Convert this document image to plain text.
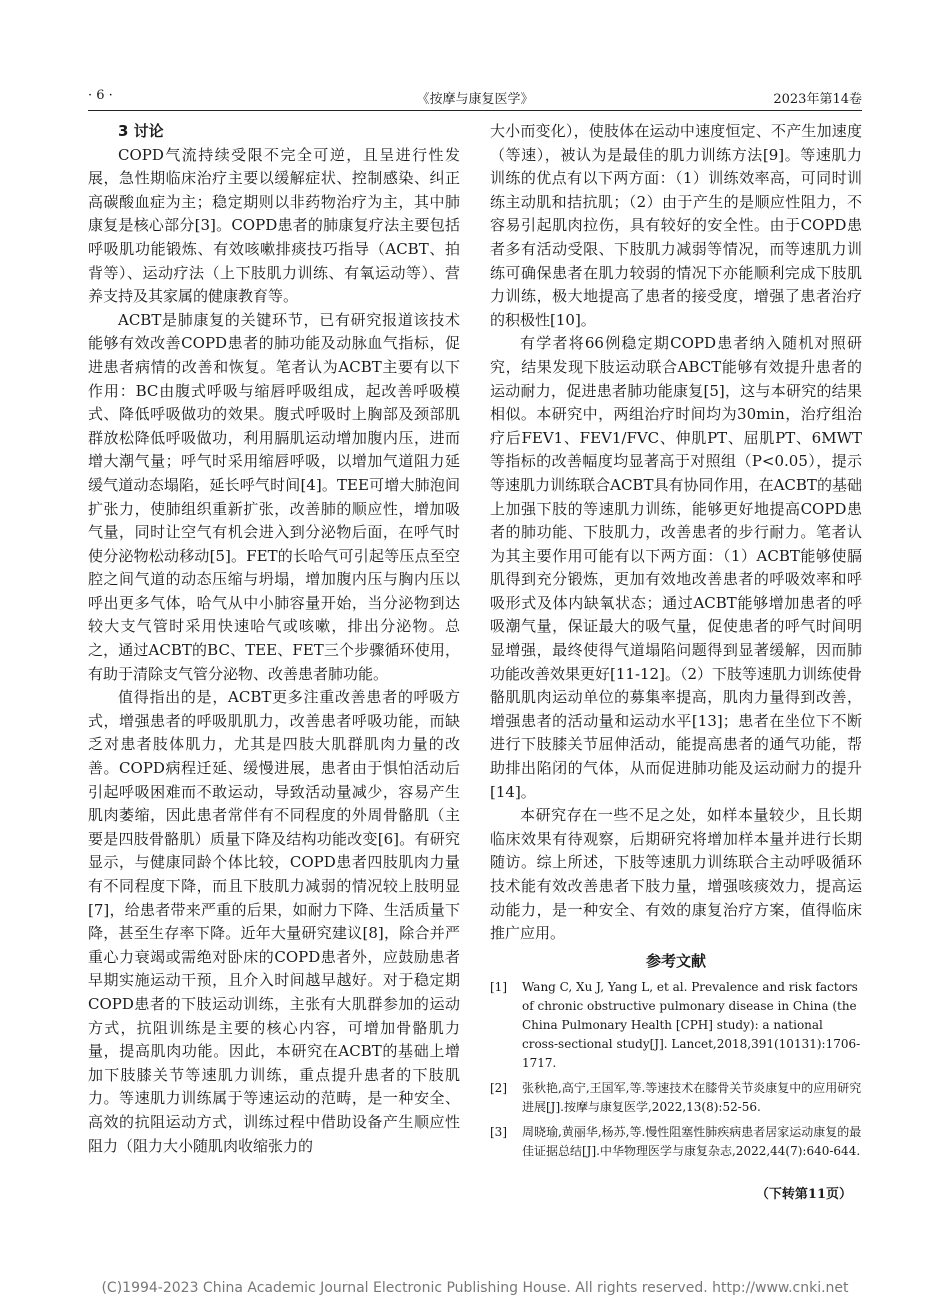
· 6 ·	《按摩与康复医学》	2023年第14卷

3 讨论

COPD气流持续受限不完全可逆，且呈进行性发展，急性期临床治疗主要以缓解症状、控制感染、纠正高碳酸血症为主；稳定期则以非药物治疗为主，其中肺康复是核心部分[3]。COPD患者的肺康复疗法主要包括呼吸肌功能锻炼、有效咳嗽排痰技巧指导（ACBT、拍背等）、运动疗法（上下肢肌力训练、有氧运动等）、营养支持及其家属的健康教育等。

ACBT是肺康复的关键环节，已有研究报道该技术能够有效改善COPD患者的肺功能及动脉血气指标，促进患者病情的改善和恢复。笔者认为ACBT主要有以下作用：BC由腹式呼吸与缩唇呼吸组成，起改善呼吸模式、降低呼吸做功的效果。腹式呼吸时上胸部及颈部肌群放松降低呼吸做功，利用膈肌运动增加腹内压，进而增大潮气量；呼气时采用缩唇呼吸，以增加气道阻力延缓气道动态塌陷，延长呼气时间[4]。TEE可增大肺泡间扩张力，使肺组织重新扩张，改善肺的顺应性，增加吸气量，同时让空气有机会进入到分泌物后面，在呼气时使分泌物松动移动[5]。FET的长哈气可引起等压点至空腔之间气道的动态压缩与坍塌，增加腹内压与胸内压以呼出更多气体，哈气从中小肺容量开始，当分泌物到达较大支气管时采用快速哈气或咳嗽，排出分泌物。总之，通过ACBT的BC、TEE、FET三个步骤循环使用，有助于清除支气管分泌物、改善患者肺功能。

值得指出的是，ACBT更多注重改善患者的呼吸方式，增强患者的呼吸肌肌力，改善患者呼吸功能，而缺乏对患者肢体肌力，尤其是四肢大肌群肌肉力量的改善。COPD病程迁延、缓慢进展，患者由于惧怕活动后引起呼吸困难而不敢运动，导致活动量减少，容易产生肌肉萎缩，因此患者常伴有不同程度的外周骨骼肌（主要是四肢骨骼肌）质量下降及结构功能改变[6]。有研究显示，与健康同龄个体比较，COPD患者四肢肌肉力量有不同程度下降，而且下肢肌力减弱的情况较上肢明显[7]，给患者带来严重的后果，如耐力下降、生活质量下降，甚至生存率下降。近年大量研究建议[8]，除合并严重心力衰竭或需绝对卧床的COPD患者外，应鼓励患者早期实施运动干预，且介入时间越早越好。对于稳定期COPD患者的下肢运动训练，主张有大肌群参加的运动方式，抗阻训练是主要的核心内容，可增加骨骼肌力量，提高肌肉功能。因此，本研究在ACBT的基础上增加下肢膝关节等速肌力训练，重点提升患者的下肢肌力。等速肌力训练属于等速运动的范畴，是一种安全、高效的抗阻运动方式，训练过程中借助设备产生顺应性阻力（阻力大小随肌肉收缩张力的

大小而变化），使肢体在运动中速度恒定、不产生加速度（等速），被认为是最佳的肌力训练方法[9]。等速肌力训练的优点有以下两方面：（1）训练效率高，可同时训练主动肌和拮抗肌；（2）由于产生的是顺应性阻力，不容易引起肌肉拉伤，具有较好的安全性。由于COPD患者多有活动受限、下肢肌力减弱等情况，而等速肌力训练可确保患者在肌力较弱的情况下亦能顺利完成下肢肌力训练，极大地提高了患者的接受度，增强了患者治疗的积极性[10]。

有学者将66例稳定期COPD患者纳入随机对照研究，结果发现下肢运动联合ABCT能够有效提升患者的运动耐力，促进患者肺功能康复[5]，这与本研究的结果相似。本研究中，两组治疗时间均为30min，治疗组治疗后FEV1、FEV1/FVC、伸肌PT、屈肌PT、6MWT等指标的改善幅度均显著高于对照组（P<0.05），提示等速肌力训练联合ACBT具有协同作用，在ACBT的基础上加强下肢的等速肌力训练，能够更好地提高COPD患者的肺功能、下肢肌力，改善患者的步行耐力。笔者认为其主要作用可能有以下两方面：（1）ACBT能够使膈肌得到充分锻炼，更加有效地改善患者的呼吸效率和呼吸形式及体内缺氧状态；通过ACBT能够增加患者的呼吸潮气量，保证最大的吸气量，促使患者的呼气时间明显增强，最终使得气道塌陷问题得到显著缓解，因而肺功能改善效果更好[11-12]。（2）下肢等速肌力训练使骨骼肌肌肉运动单位的募集率提高，肌肉力量得到改善，增强患者的活动量和运动水平[13]；患者在坐位下不断进行下肢膝关节屈伸活动，能提高患者的通气功能，帮助排出陷闭的气体，从而促进肺功能及运动耐力的提升[14]。

本研究存在一些不足之处，如样本量较少，且长期临床效果有待观察，后期研究将增加样本量并进行长期随访。综上所述，下肢等速肌力训练联合主动呼吸循环技术能有效改善患者下肢力量，增强咳痰效力，提高运动能力，是一种安全、有效的康复治疗方案，值得临床推广应用。

参考文献
[1] Wang C, Xu J, Yang L, et al. Prevalence and risk factors of chronic obstructive pulmonary disease in China (the China Pulmonary Health [CPH] study): a national cross-sectional study[J]. Lancet,2018,391(10131):1706-1717.
[2] 张秋艳,高宁,王国军,等.等速技术在膝骨关节炎康复中的应用研究进展[J].按摩与康复医学,2022,13(8):52-56.
[3] 周晓瑜,黄丽华,杨苏,等.慢性阻塞性肺疾病患者居家运动康复的最佳证据总结[J].中华物理医学与康复杂志,2022,44(7):640-644.
（下转第11页）
(C)1994-2023 China Academic Journal Electronic Publishing House. All rights reserved. http://www.cnki.net
